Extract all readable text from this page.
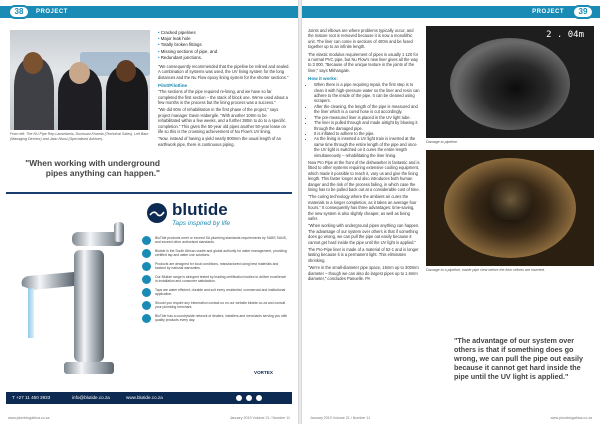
38	PROJECT
From left: The NU Pipe Rep Lanselamis, Dumisani Khamla (Technical Sales), Leif Baur (Managing Director) and Jabu Nkosi (Specialised Adviser).
• Cracked pipelines
• Major leak hole
• Totally broken fittings
• Missing sections of pipe, and
• Redundant junctions.
"We consequently recommended that the pipeline be relined and sealed. A combination of systems was used, the UV lining system for the long distances and the Nu Flow epoxy lining system for the shorter sections."
Pilot/Pilotline
"The sections of the pipe required re-lining, and we have so far completed the first section – the stack of block one. We've used about a few months in the process but the lining process was a success."
"We did 60m of rehabilitation in the first phase of the project," says project manager Gavin Habergile. "With another 100m to be rehabilitated within a few weeks, and a further 380m to do to a specific completion." This gives the 50-year old pipes another 50-year lease on life so this is the crowning achievement of Nu Flow's UV lining.
"Now, instead of having a yield nearly 800mm the usual length of an earthwork pipe, there is continuous piping.
"When working with underground pipes anything can happen."
blutide
Taps inspired by life
BluTide products meet or exceed SA plumbing standards requirements by SABS SANS, and exceed other authorised standards.
Blutide is the South African cradle and global authority for water management, providing certified tap and water use solutions.
Products are designed for local conditions, manufactured using best materials and backed by national warranties.
Our Blutide range is stringent tested by leading certification bodies to deliver excellence in installation and consumer satisfaction.
Taps are water efficient, durable and suit every residential, commercial and institutional application.
Should you require any information contact us on our website blutide.co.za and consult your plumbing merchant.
BluTide has a countrywide network of dealers, installers and merchants serving you with quality products every day.
VORTEX
T +27 11 450 3933	info@blutide.co.za	www.blutide.co.za
www.plumbingafrica.co.za	January 2019 Volume 21 / Number 11
PROJECT	39
Joints and elbows are where problems typically occur, and the mature root is removed because it is now a monolithic unit. The liner can come in sections of 400m and be fused together up to an infinite length.
The elastic modulus requirement of pipes is usually 1 120 for a normal PVC pipe, but Nu Flow's new liner gives all the way to 3 000. "Because of the unique texture in the joints of the liner," says Mkhangale.
How it works:
• When there is a pipe requiring repair, the first step is to clean it with high-pressure water so the liner and resin can adhere to the inside of the pipe. It can be cleaned using scrapers.
• After the cleaning, the length of the pipe is measured and the liner which is a cured hose is cut accordingly.
• The pre-measured liner is placed in the UV light tube.
• The liner is pulled through and made airtight by blowing it through the damaged pipe.
• It is inflated to adhere to the pipe.
• As the lining is inserted a UV light train is inserted at the same time through the entire length of the pipe and once the UV light is switched on it cures the entire length simultaneously – rehabilitating the liner lining.
Now Pro Pipe at the front of the dishwasher is fantastic and is fitted to other systems requiring extensive cooling equipment, which made it possible to reach it, vary us and give the lining length. This faster longer and also introduces both human danger and the risk of the process failing, in which case the lining has to be pulled back out at a considerable cost of time.
"The curing technology where the ambient air cures the materials to a longer completion, as it takes an average four hours." It consequently has three advantages: time-saving, the new system is also slightly cheaper, as well as being safer.
"When working with underground pipes anything can happen. The advantage of our system over others is that if something does go wrong, we can pull the pipe out easily because it cannot get hard inside the pipe until the UV light is applied."
The Pro-Pipe liner is made of a material of 52-1 and is longer lasting because it is a permanent light. This eliminates shrinking.
"We're in the small-diameter pipe space, 15mm up to 300mm diameter – though we can also do largest pipes up to 1.6mm diameter," concludes Panuelle. PA
2 . 04m
Damage to pipeline.
Damage to a pipeline, inside pipe view before the liner relines are inserted.
"The advantage of our system over others is that if something does go wrong, we can pull the pipe out easily because it cannot get hard inside the pipe until the UV light is applied."
January 2019 Volume 21 / Number 11	www.plumbingafrica.co.za
